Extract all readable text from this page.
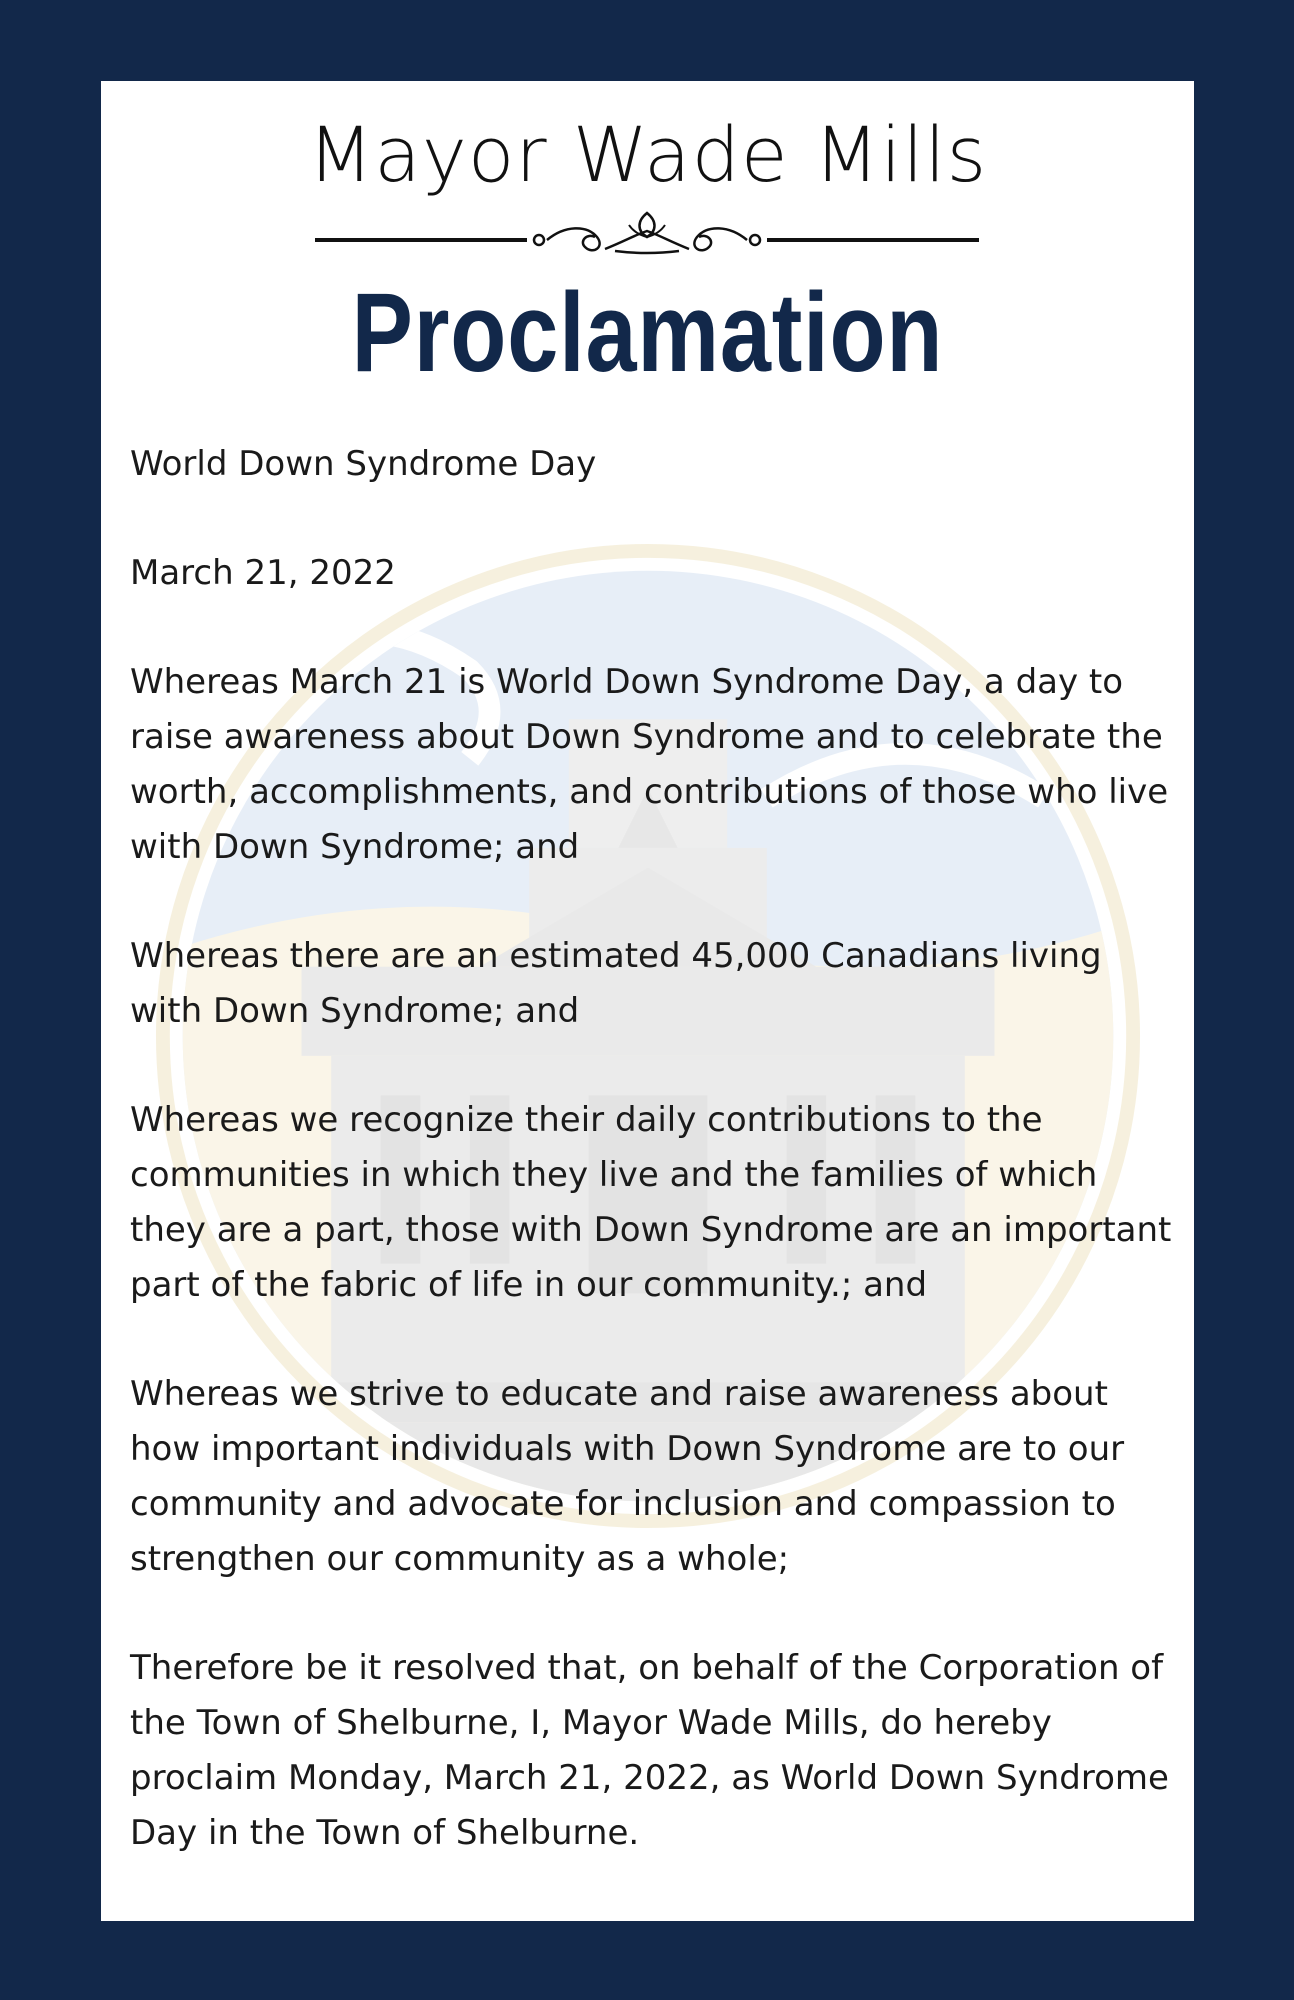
Mayor Wade Mills
Proclamation

World Down Syndrome Day

March 21, 2022

Whereas March 21 is World Down Syndrome Day, a day to raise awareness about Down Syndrome and to celebrate the worth, accomplishments, and contributions of those who live with Down Syndrome; and

Whereas there are an estimated 45,000 Canadians living with Down Syndrome; and

Whereas we recognize their daily contributions to the communities in which they live and the families of which they are a part, those with Down Syndrome are an important part of the fabric of life in our community.; and

Whereas we strive to educate and raise awareness about how important individuals with Down Syndrome are to our community and advocate for inclusion and compassion to strengthen our community as a whole;

Therefore be it resolved that, on behalf of the Corporation of the Town of Shelburne, I, Mayor Wade Mills, do hereby proclaim Monday, March 21, 2022, as World Down Syndrome Day in the Town of Shelburne.
